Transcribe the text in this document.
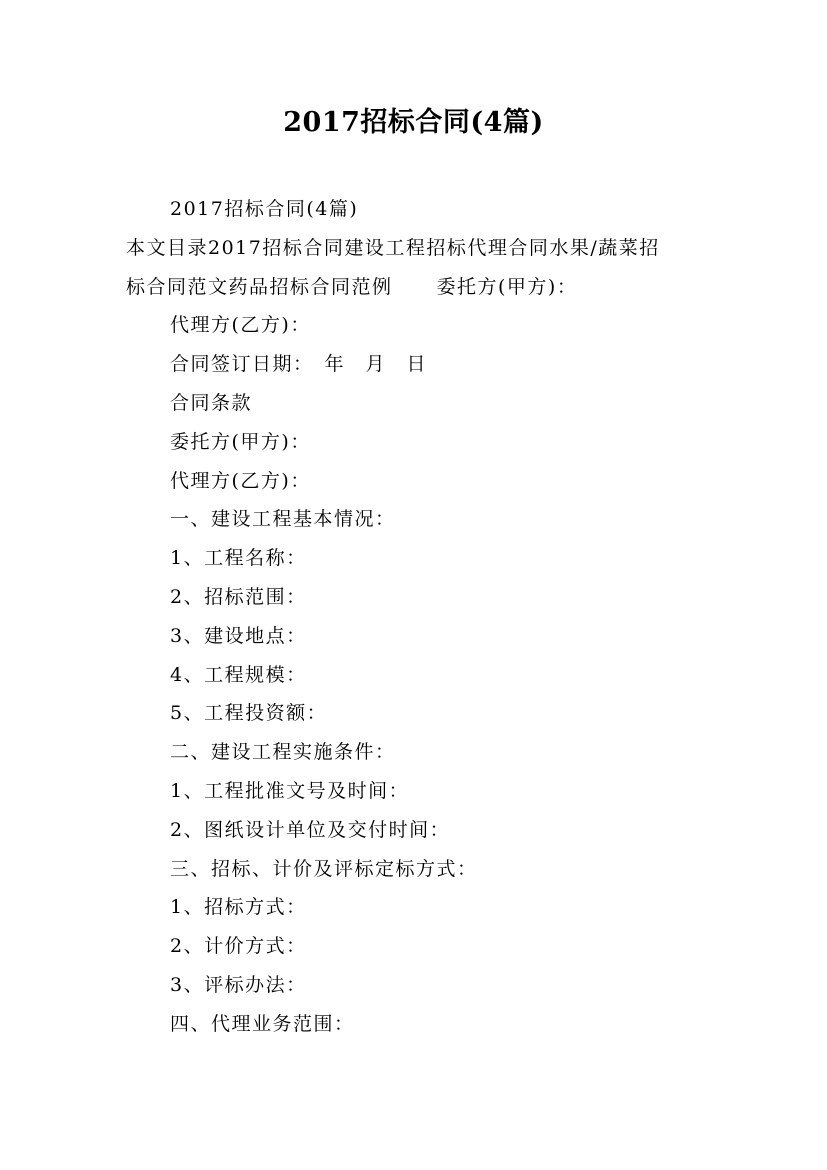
2017招标合同(4篇)
2017招标合同(4篇)
本文目录2017招标合同建设工程招标代理合同水果/蔬菜招
标合同范文药品招标合同范例 委托方(甲方)：
代理方(乙方)：
合同签订日期：　年　月　日
合同条款
委托方(甲方)：
代理方(乙方)：
一、建设工程基本情况：
1、工程名称：
2、招标范围：
3、建设地点：
4、工程规模：
5、工程投资额：
二、建设工程实施条件：
1、工程批准文号及时间：
2、图纸设计单位及交付时间：
三、招标、计价及评标定标方式：
1、招标方式：
2、计价方式：
3、评标办法：
四、代理业务范围：
